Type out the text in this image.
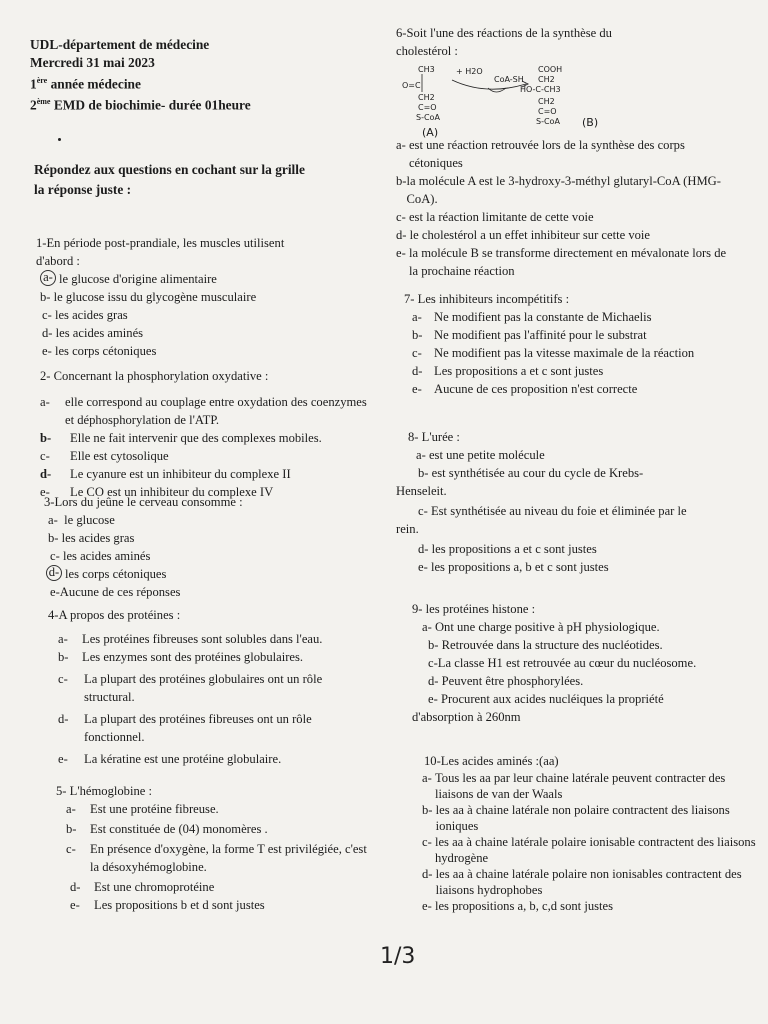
UDL-département de médecine
Mercredi 31 mai 2023
1ère année médecine
2ème EMD de biochimie- durée 01heure
Répondez aux questions en cochant sur la grille
la réponse juste :
1-En période post-prandiale, les muscles utilisent
d'abord :
a- le glucose d'origine alimentaire
b-
le glucose issu du glycogène musculaire
c-
les acides gras
d-
les acides aminés
e-
les corps cétoniques
2- Concernant la phosphorylation oxydative :
a-	elle correspond au couplage entre oxydation des coenzymes et déphosphorylation de l'ATP.
b-	Elle ne fait intervenir que des complexes mobiles.
c-	Elle est cytosolique
d-	Le cyanure est un inhibiteur du complexe II
e-	Le CO est un inhibiteur du complexe IV
3-Lors du jeûne le cerveau consomme :
a-
le glucose
b-
les acides gras
c-
les acides aminés
d- les corps cétoniques
e- Aucune de ces réponses
4-A propos des protéines :
a-	Les protéines fibreuses sont solubles dans l'eau.
b-	Les enzymes sont des protéines globulaires.
c-	La plupart des protéines globulaires ont un rôle structural.
d-	La plupart des protéines fibreuses ont un rôle fonctionnel.
e-	La kératine est une protéine globulaire.
5- L'hémoglobine :
a-	Est une protéine fibreuse.
b-	Est constituée de (04) monomères .
c-	En présence d'oxygène, la forme T est privilégiée, c'est la désoxyhémoglobine.
d-	Est une chromoprotéine
e-	Les propositions b et d sont justes
6-Soit l'une des réactions de la synthèse du
cholestérol :
CH3
O=C
CH2
C=O
S-CoA
(A)
+ H2O
CoA-SH
COOH
CH2
HO-C-CH3
CH2
C=O
S-CoA (B)
a-
est une réaction retrouvée lors de la synthèse des corps cétoniques
b- la molécule A est le 3-hydroxy-3-méthyl glutaryl-CoA (HMG-CoA).
c-
est la réaction limitante de cette voie
d-
le cholestérol a un effet inhibiteur sur cette voie
e-
la molécule B se transforme directement en mévalonate lors de la prochaine réaction
7- Les inhibiteurs incompétitifs :
a- Ne modifient pas la constante de Michaelis
b- Ne modifient pas l'affinité pour le substrat
c- Ne modifient pas la vitesse maximale de la réaction
d- Les propositions a et c sont justes
e- Aucune de ces proposition n'est correcte
8- L'urée :
a-
est une petite molécule
b-
est synthétisée au cour du cycle de Krebs-
Henseleit.
c-
Est synthétisée au niveau du foie et éliminée par le
rein.
d-
les propositions a et c sont justes
e-
les propositions a, b et c sont justes
9- les protéines histone :
a-
Ont une charge positive à pH physiologique.
b-
Retrouvée dans la structure des nucléotides.
c- La classe H1 est retrouvée au cœur du nucléosome.
d-
Peuvent être phosphorylées.
e-
Procurent aux acides nucléiques la propriété
d'absorption à 260nm
10-Les acides aminés :(aa)
a-
Tous les aa par leur chaine latérale peuvent contracter des liaisons de van der Waals
b-
les aa à chaine latérale non polaire contractent des liaisons ioniques
c-
les aa à chaine latérale polaire ionisable contractent des liaisons hydrogène
d-
les aa à chaine latérale polaire non ionisables contractent des liaisons hydrophobes
e-
les propositions a, b, c,d sont justes
1/3
